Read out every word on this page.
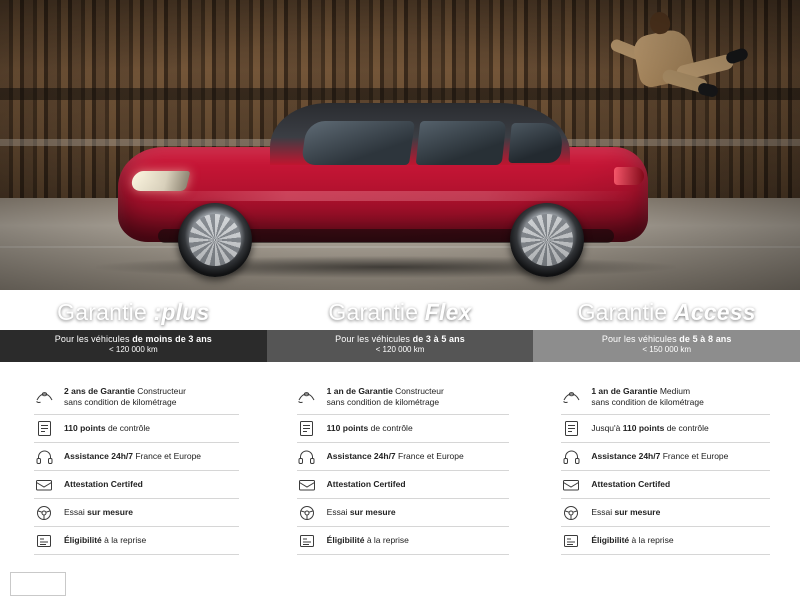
Garantie :plus	Garantie Flex	Garantie Access
Pour les véhicules de moins de 3 ans
< 120 000 km
Pour les véhicules de 3 à 5 ans
< 120 000 km
Pour les véhicules de 5 à 8 ans
< 150 000 km
2 ans de Garantie Constructeur
sans condition de kilométrage
110 points de contrôle
Assistance 24h/7 France et Europe
Attestation Certifed
Essai sur mesure
Éligibilité à la reprise
1 an de Garantie Constructeur
sans condition de kilométrage
110 points de contrôle
Assistance 24h/7 France et Europe
Attestation Certifed
Essai sur mesure
Éligibilité à la reprise
1 an de Garantie Medium
sans condition de kilométrage
Jusqu'à 110 points de contrôle
Assistance 24h/7 France et Europe
Attestation Certifed
Essai sur mesure
Éligibilité à la reprise
